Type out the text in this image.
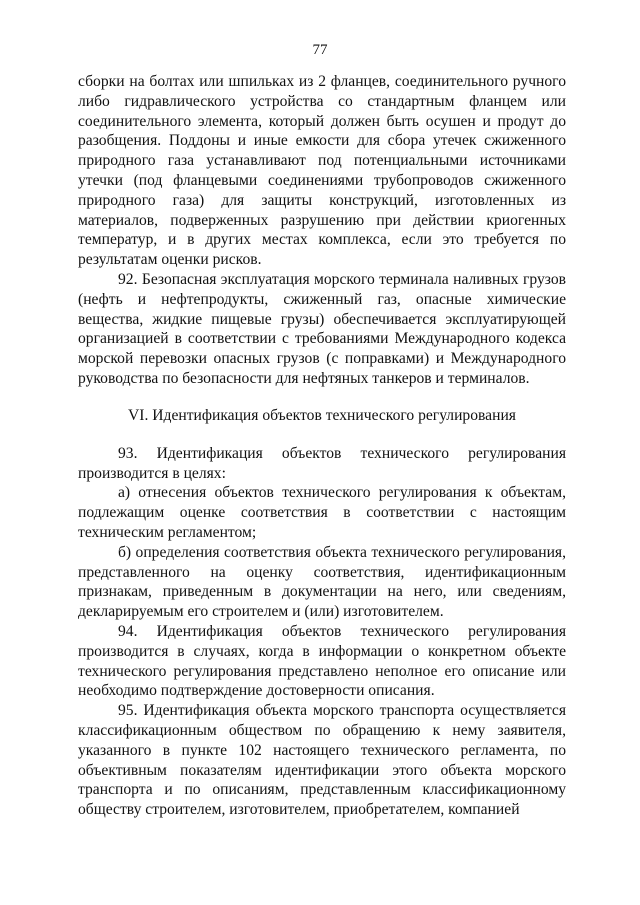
77

сборки на болтах или шпильках из 2 фланцев, соединительного ручного либо гидравлического устройства со стандартным фланцем или соединительного элемента, который должен быть осушен и продут до разобщения. Поддоны и иные емкости для сбора утечек сжиженного природного газа устанавливают под потенциальными источниками утечки (под фланцевыми соединениями трубопроводов сжиженного природного газа) для защиты конструкций, изготовленных из материалов, подверженных разрушению при действии криогенных температур, и в других местах комплекса, если это требуется по результатам оценки рисков.

92. Безопасная эксплуатация морского терминала наливных грузов (нефть и нефтепродукты, сжиженный газ, опасные химические вещества, жидкие пищевые грузы) обеспечивается эксплуатирующей организацией в соответствии с требованиями Международного кодекса морской перевозки опасных грузов (с поправками) и Международного руководства по безопасности для нефтяных танкеров и терминалов.

VI. Идентификация объектов технического регулирования

93. Идентификация объектов технического регулирования производится в целях:

а) отнесения объектов технического регулирования к объектам, подлежащим оценке соответствия в соответствии с настоящим техническим регламентом;

б) определения соответствия объекта технического регулирования, представленного на оценку соответствия, идентификационным признакам, приведенным в документации на него, или сведениям, декларируемым его строителем и (или) изготовителем.

94. Идентификация объектов технического регулирования производится в случаях, когда в информации о конкретном объекте технического регулирования представлено неполное его описание или необходимо подтверждение достоверности описания.

95. Идентификация объекта морского транспорта осуществляется классификационным обществом по обращению к нему заявителя, указанного в пункте 102 настоящего технического регламента, по объективным показателям идентификации этого объекта морского транспорта и по описаниям, представленным классификационному обществу строителем, изготовителем, приобретателем, компанией
